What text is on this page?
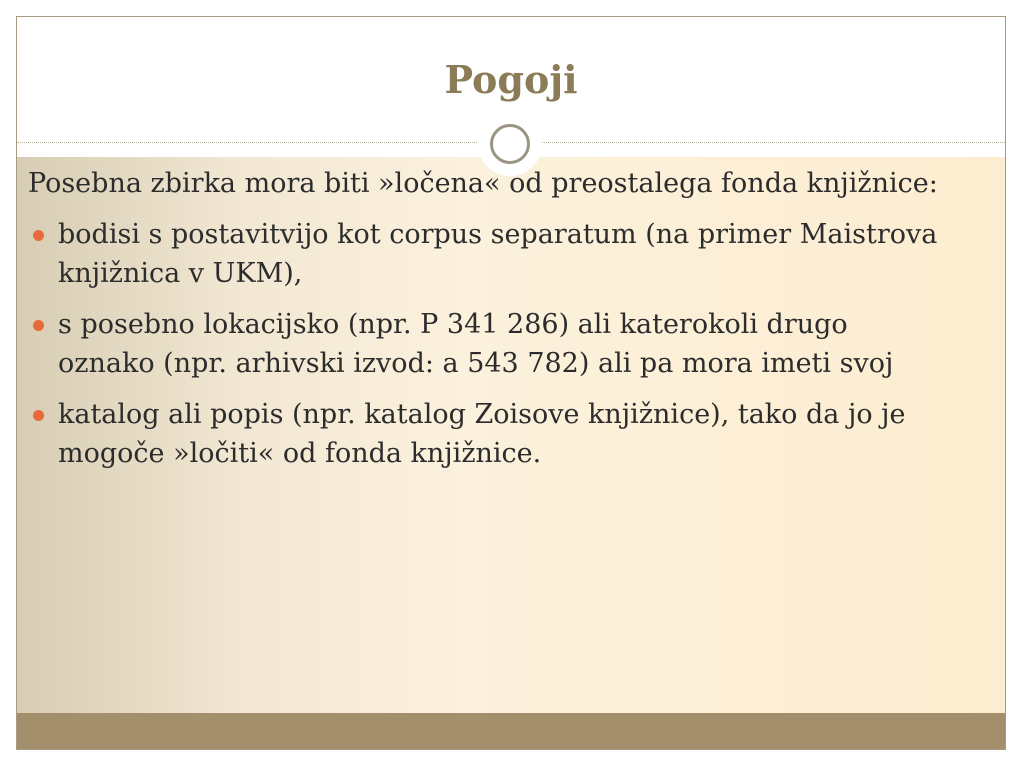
Pogoji

Posebna zbirka mora biti »ločena« od preostalega fonda knjižnice:

bodisi s postavitvijo kot corpus separatum (na primer Maistrova knjižnica v UKM),
s posebno lokacijsko (npr. P 341 286) ali katerokoli drugo oznako (npr. arhivski izvod: a 543 782) ali pa mora imeti svoj
katalog ali popis (npr. katalog Zoisove knjižnice), tako da jo je mogoče »ločiti« od fonda knjižnice.
